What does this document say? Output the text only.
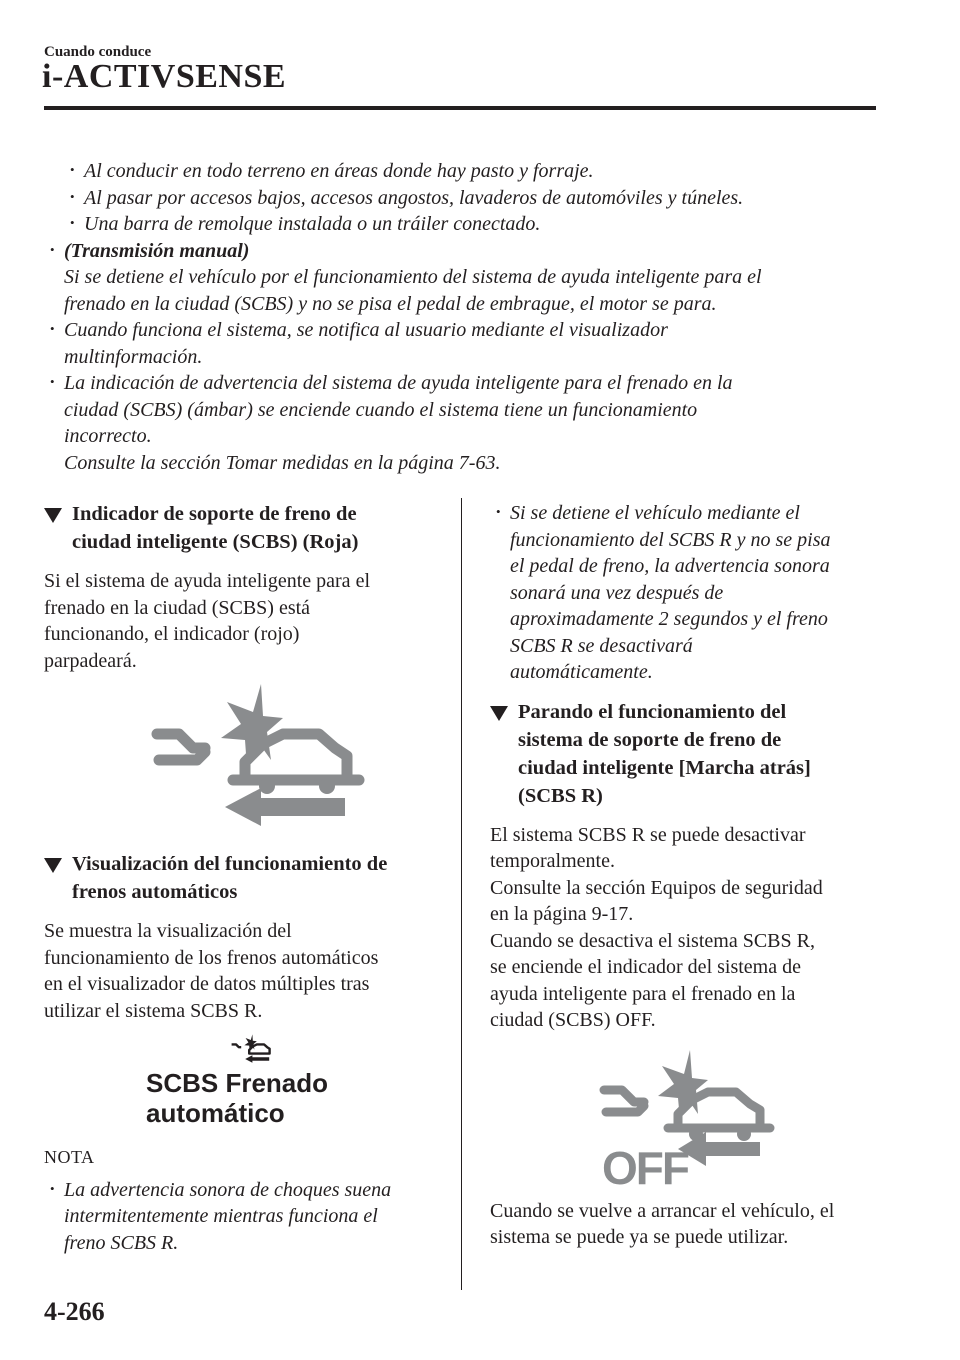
Cuando conduce
i-ACTIVSENSE
• Al conducir en todo terreno en áreas donde hay pasto y forraje.
• Al pasar por accesos bajos, accesos angostos, lavaderos de automóviles y túneles.
• Una barra de remolque instalada o un tráiler conectado.
• (Transmisión manual)
Si se detiene el vehículo por el funcionamiento del sistema de ayuda inteligente para el
frenado en la ciudad (SCBS) y no se pisa el pedal de embrague, el motor se para.
• Cuando funciona el sistema, se notifica al usuario mediante el visualizador
multinformación.
• La indicación de advertencia del sistema de ayuda inteligente para el frenado en la
ciudad (SCBS) (ámbar) se enciende cuando el sistema tiene un funcionamiento
incorrecto.
Consulte la sección Tomar medidas en la página 7-63.
Indicador de soporte de freno de
ciudad inteligente (SCBS) (Roja)
Si el sistema de ayuda inteligente para el
frenado en la ciudad (SCBS) está
funcionando, el indicador (rojo)
parpadeará.
Visualización del funcionamiento de
frenos automáticos
Se muestra la visualización del
funcionamiento de los frenos automáticos
en el visualizador de datos múltiples tras
utilizar el sistema SCBS R.
SCBS Frenado
automático
NOTA
• La advertencia sonora de choques suena
intermitentemente mientras funciona el
freno SCBS R.
• Si se detiene el vehículo mediante el
funcionamiento del SCBS R y no se pisa
el pedal de freno, la advertencia sonora
sonará una vez después de
aproximadamente 2 segundos y el freno
SCBS R se desactivará
automáticamente.
Parando el funcionamiento del
sistema de soporte de freno de
ciudad inteligente [Marcha atrás]
(SCBS R)
El sistema SCBS R se puede desactivar
temporalmente.
Consulte la sección Equipos de seguridad
en la página 9-17.
Cuando se desactiva el sistema SCBS R,
se enciende el indicador del sistema de
ayuda inteligente para el frenado en la
ciudad (SCBS) OFF.
OFF
Cuando se vuelve a arrancar el vehículo, el
sistema se puede ya se puede utilizar.
4-266
